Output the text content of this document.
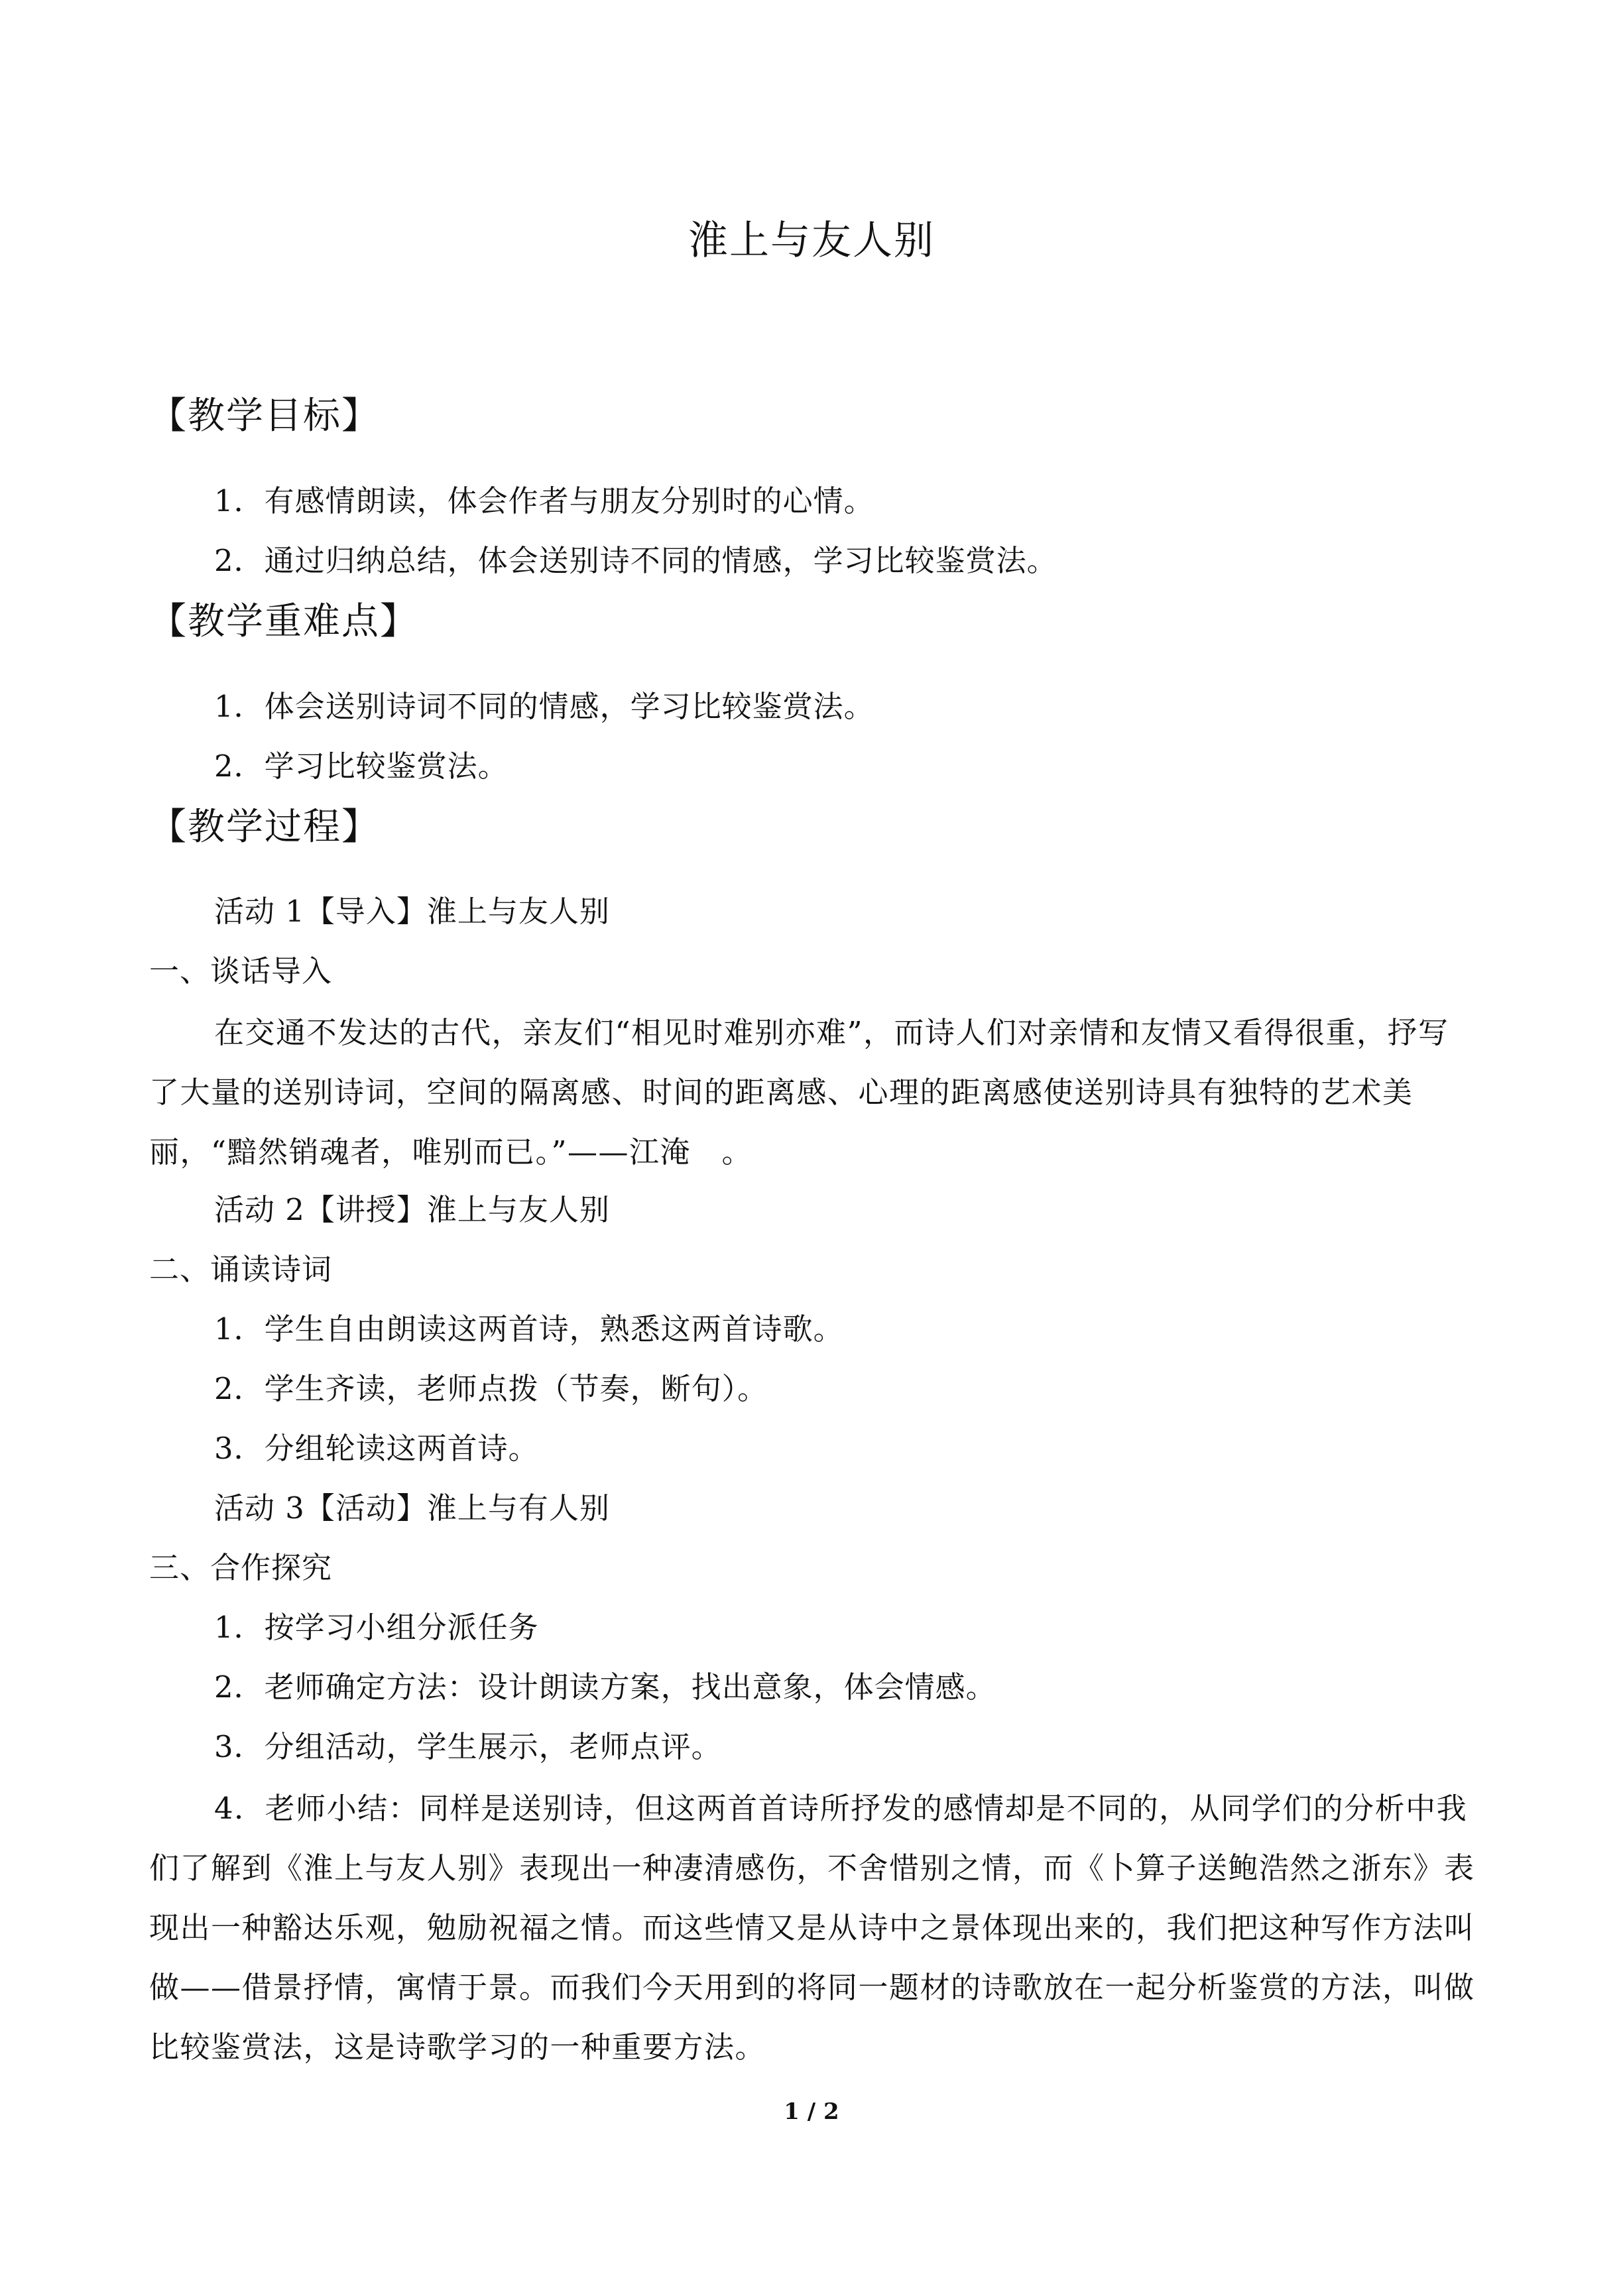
淮上与友人别
【教学目标】
1．有感情朗读，体会作者与朋友分别时的心情。
2．通过归纳总结，体会送别诗不同的情感，学习比较鉴赏法。
【教学重难点】
1．体会送别诗词不同的情感，学习比较鉴赏法。
2．学习比较鉴赏法。
【教学过程】
活动 1【导入】淮上与友人别
一、谈话导入
在交通不发达的古代，亲友们“相见时难别亦难”，而诗人们对亲情和友情又看得很重，抒写了大量的送别诗词，空间的隔离感、时间的距离感、心理的距离感使送别诗具有独特的艺术美丽，“黯然销魂者，唯别而已。”——江淹　。
活动 2【讲授】淮上与友人别
二、诵读诗词
1．学生自由朗读这两首诗，熟悉这两首诗歌。
2．学生齐读，老师点拨（节奏，断句）。
3．分组轮读这两首诗。
活动 3【活动】淮上与有人别
三、合作探究
1．按学习小组分派任务
2．老师确定方法：设计朗读方案，找出意象，体会情感。
3．分组活动，学生展示，老师点评。
4．老师小结：同样是送别诗，但这两首首诗所抒发的感情却是不同的，从同学们的分析中我们了解到《淮上与友人别》表现出一种凄清感伤，不舍惜别之情，而《卜算子送鲍浩然之浙东》表现出一种豁达乐观，勉励祝福之情。而这些情又是从诗中之景体现出来的，我们把这种写作方法叫做——借景抒情，寓情于景。而我们今天用到的将同一题材的诗歌放在一起分析鉴赏的方法，叫做比较鉴赏法，这是诗歌学习的一种重要方法。
1 / 2
